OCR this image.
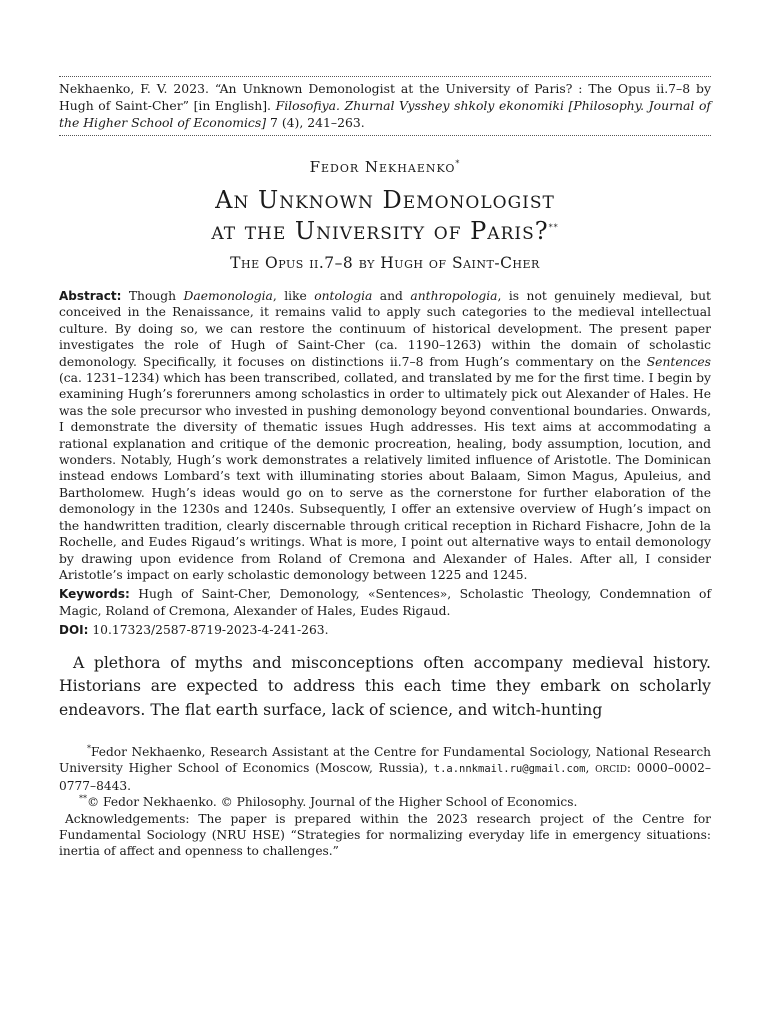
Nekhaenko, F. V. 2023. “An Unknown Demonologist at the University of Paris? : The Opus ii.7–8 by Hugh of Saint-Cher” [in English]. Filosofiya. Zhurnal Vysshey shkoly ekonomiki [Philosophy. Journal of the Higher School of Economics] 7 (4), 241–263.
Fedor Nekhaenko*
An Unknown Demonologist
at the University of Paris?**
The Opus ii.7–8 by Hugh of Saint-Cher
Abstract: Though Daemonologia, like ontologia and anthropologia, is not genuinely medieval, but conceived in the Renaissance, it remains valid to apply such categories to the medieval intellectual culture. By doing so, we can restore the continuum of historical development. The present paper investigates the role of Hugh of Saint-Cher (ca. 1190–1263) within the domain of scholastic demonology. Specifically, it focuses on distinctions ii.7–8 from Hugh’s commentary on the Sentences (ca. 1231–1234) which has been transcribed, collated, and translated by me for the first time. I begin by examining Hugh’s forerunners among scholastics in order to ultimately pick out Alexander of Hales. He was the sole precursor who invested in pushing demonology beyond conventional boundaries. Onwards, I demonstrate the diversity of thematic issues Hugh addresses. His text aims at accommodating a rational explanation and critique of the demonic procreation, healing, body assumption, locution, and wonders. Notably, Hugh’s work demonstrates a relatively limited influence of Aristotle. The Dominican instead endows Lombard’s text with illuminating stories about Balaam, Simon Magus, Apuleius, and Bartholomew. Hugh’s ideas would go on to serve as the cornerstone for further elaboration of the demonology in the 1230s and 1240s. Subsequently, I offer an extensive overview of Hugh’s impact on the handwritten tradition, clearly discernable through critical reception in Richard Fishacre, John de la Rochelle, and Eudes Rigaud’s writings. What is more, I point out alternative ways to entail demonology by drawing upon evidence from Roland of Cremona and Alexander of Hales. After all, I consider Aristotle’s impact on early scholastic demonology between 1225 and 1245.
Keywords: Hugh of Saint-Cher, Demonology, «Sentences», Scholastic Theology, Condemnation of Magic, Roland of Cremona, Alexander of Hales, Eudes Rigaud.
DOI: 10.17323/2587-8719-2023-4-241-263.
A plethora of myths and misconceptions often accompany medieval history. Historians are expected to address this each time they embark on scholarly endeavors. The flat earth surface, lack of science, and witch-hunting
*Fedor Nekhaenko, Research Assistant at the Centre for Fundamental Sociology, National Research University Higher School of Economics (Moscow, Russia), t.a.nnkmail.ru@gmail.com, orcid: 0000–0002–0777–8443.
**© Fedor Nekhaenko. © Philosophy. Journal of the Higher School of Economics.
Acknowledgements: The paper is prepared within the 2023 research project of the Centre for Fundamental Sociology (NRU HSE) “Strategies for normalizing everyday life in emergency situations: inertia of affect and openness to challenges.”
